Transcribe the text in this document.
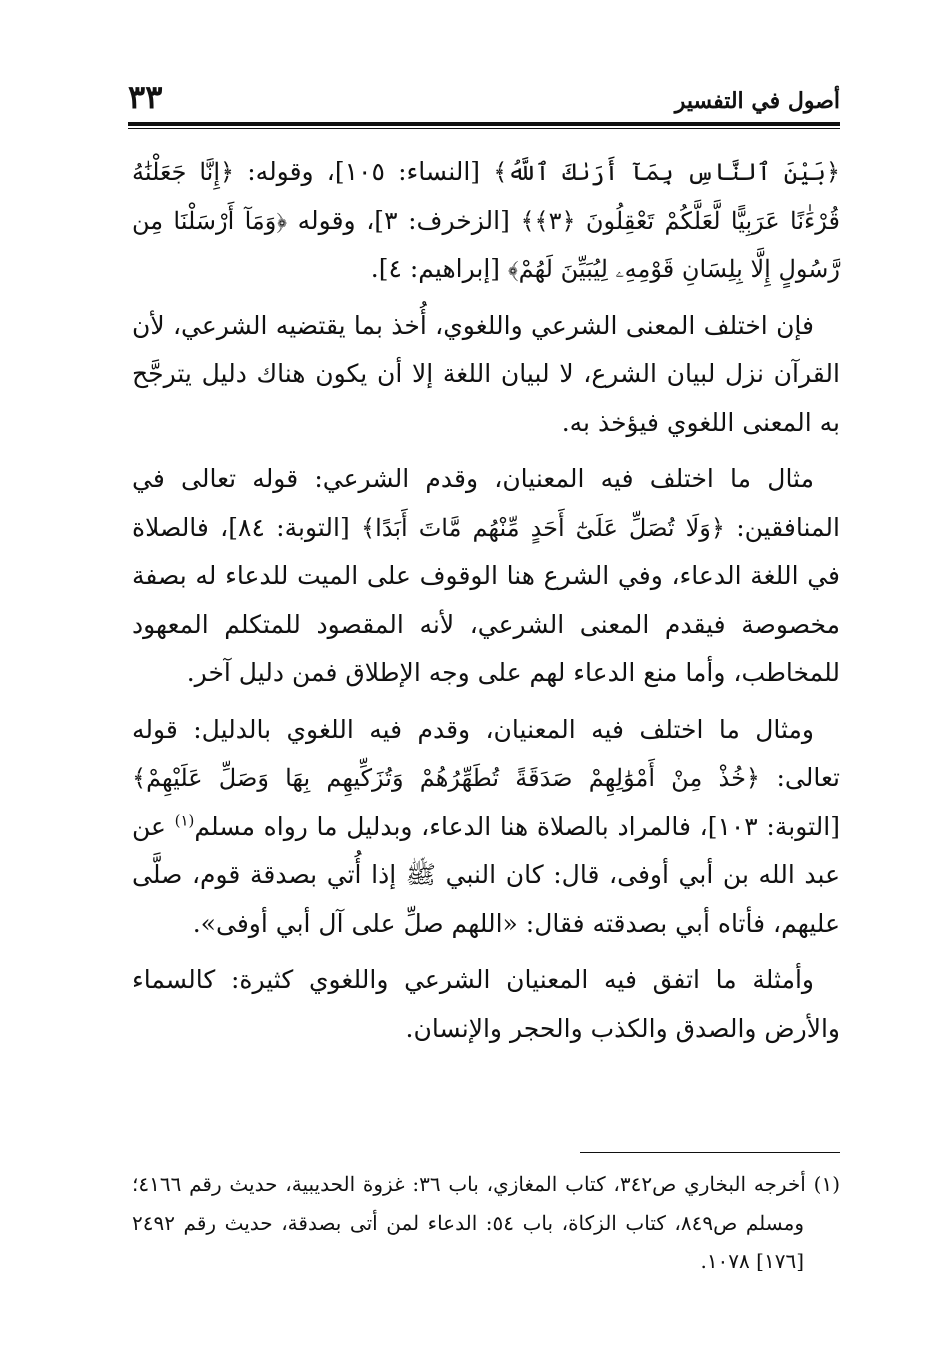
أصول في التفسير
٣٣

﴿بَيْنَ ٱلنَّاسِ بِمَآ أَرَىٰكَ ٱللَّهُ﴾ [النساء: ١٠٥]، وقوله: ﴿إِنَّا جَعَلْنَٰهُ قُرْءَٰنًا عَرَبِيًّا لَّعَلَّكُمْ تَعْقِلُونَ ﴿٣﴾﴾ [الزخرف: ٣]، وقوله ﴿وَمَآ أَرْسَلْنَا مِن رَّسُولٍ إِلَّا بِلِسَانِ قَوْمِهِۦ لِيُبَيِّنَ لَهُمْ﴾ [إبراهيم: ٤].

فإن اختلف المعنى الشرعي واللغوي، أُخذ بما يقتضيه الشرعي، لأن القرآن نزل لبيان الشرع، لا لبيان اللغة إلا أن يكون هناك دليل يترجَّح به المعنى اللغوي فيؤخذ به.

مثال ما اختلف فيه المعنيان، وقدم الشرعي: قوله تعالى في المنافقين: ﴿وَلَا تُصَلِّ عَلَىٰٓ أَحَدٍ مِّنْهُم مَّاتَ أَبَدًا﴾ [التوبة: ٨٤]، فالصلاة في اللغة الدعاء، وفي الشرع هنا الوقوف على الميت للدعاء له بصفة مخصوصة فيقدم المعنى الشرعي، لأنه المقصود للمتكلم المعهود للمخاطب، وأما منع الدعاء لهم على وجه الإطلاق فمن دليل آخر.

ومثال ما اختلف فيه المعنيان، وقدم فيه اللغوي بالدليل: قوله تعالى: ﴿خُذْ مِنْ أَمْوَٰلِهِمْ صَدَقَةً تُطَهِّرُهُمْ وَتُزَكِّيهِم بِهَا وَصَلِّ عَلَيْهِمْ﴾ [التوبة: ١٠٣]، فالمراد بالصلاة هنا الدعاء، وبدليل ما رواه مسلم$^{(١)}$ عن عبد الله بن أبي أوفى، قال: كان النبي ﷺ إذا أُتي بصدقة قوم، صلَّى عليهم، فأتاه أبي بصدقته فقال: «اللهم صلِّ على آل أبي أوفى».

وأمثلة ما اتفق فيه المعنيان الشرعي واللغوي كثيرة: كالسماء والأرض والصدق والكذب والحجر والإنسان.

(١) أخرجه البخاري ص٣٤٢، كتاب المغازي، باب ٣٦: غزوة الحديبية، حديث رقم ٤١٦٦؛ ومسلم ص٨٤٩، كتاب الزكاة، باب ٥٤: الدعاء لمن أتى بصدقة، حديث رقم ٢٤٩٢ [١٧٦] ١٠٧٨.
